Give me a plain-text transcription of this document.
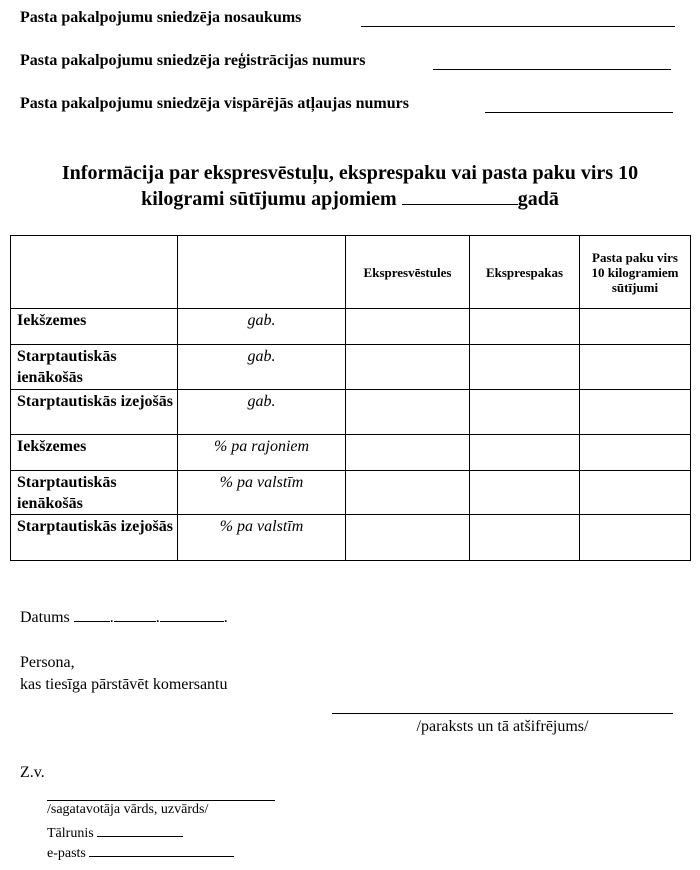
Pasta pakalpojumu sniedzēja nosaukums
Pasta pakalpojumu sniedzēja reģistrācijas numurs
Pasta pakalpojumu sniedzēja vispārējās atļaujas numurs
Informācija par ekspresvēstuļu, eksprespaku vai pasta paku virs 10
kilogrami sūtījumu apjomiem	gadā
		Ekspresvēstules	Eksprespakas	Pasta paku virs 10 kilogramiem sūtījumi
Iekšzemes	gab.			
Starptautiskās ienākošās	gab.			
Starptautiskās izejošās	gab.			
Iekšzemes	% pa rajoniem			
Starptautiskās ienākošās	% pa valstīm			
Starptautiskās izejošās	% pa valstīm			
Datums	.	.	.
Persona,
kas tiesīga pārstāvēt komersantu
/paraksts un tā atšifrējums/
Z.v.
/sagatavotāja vārds, uzvārds/
Tālrunis
e-pasts
